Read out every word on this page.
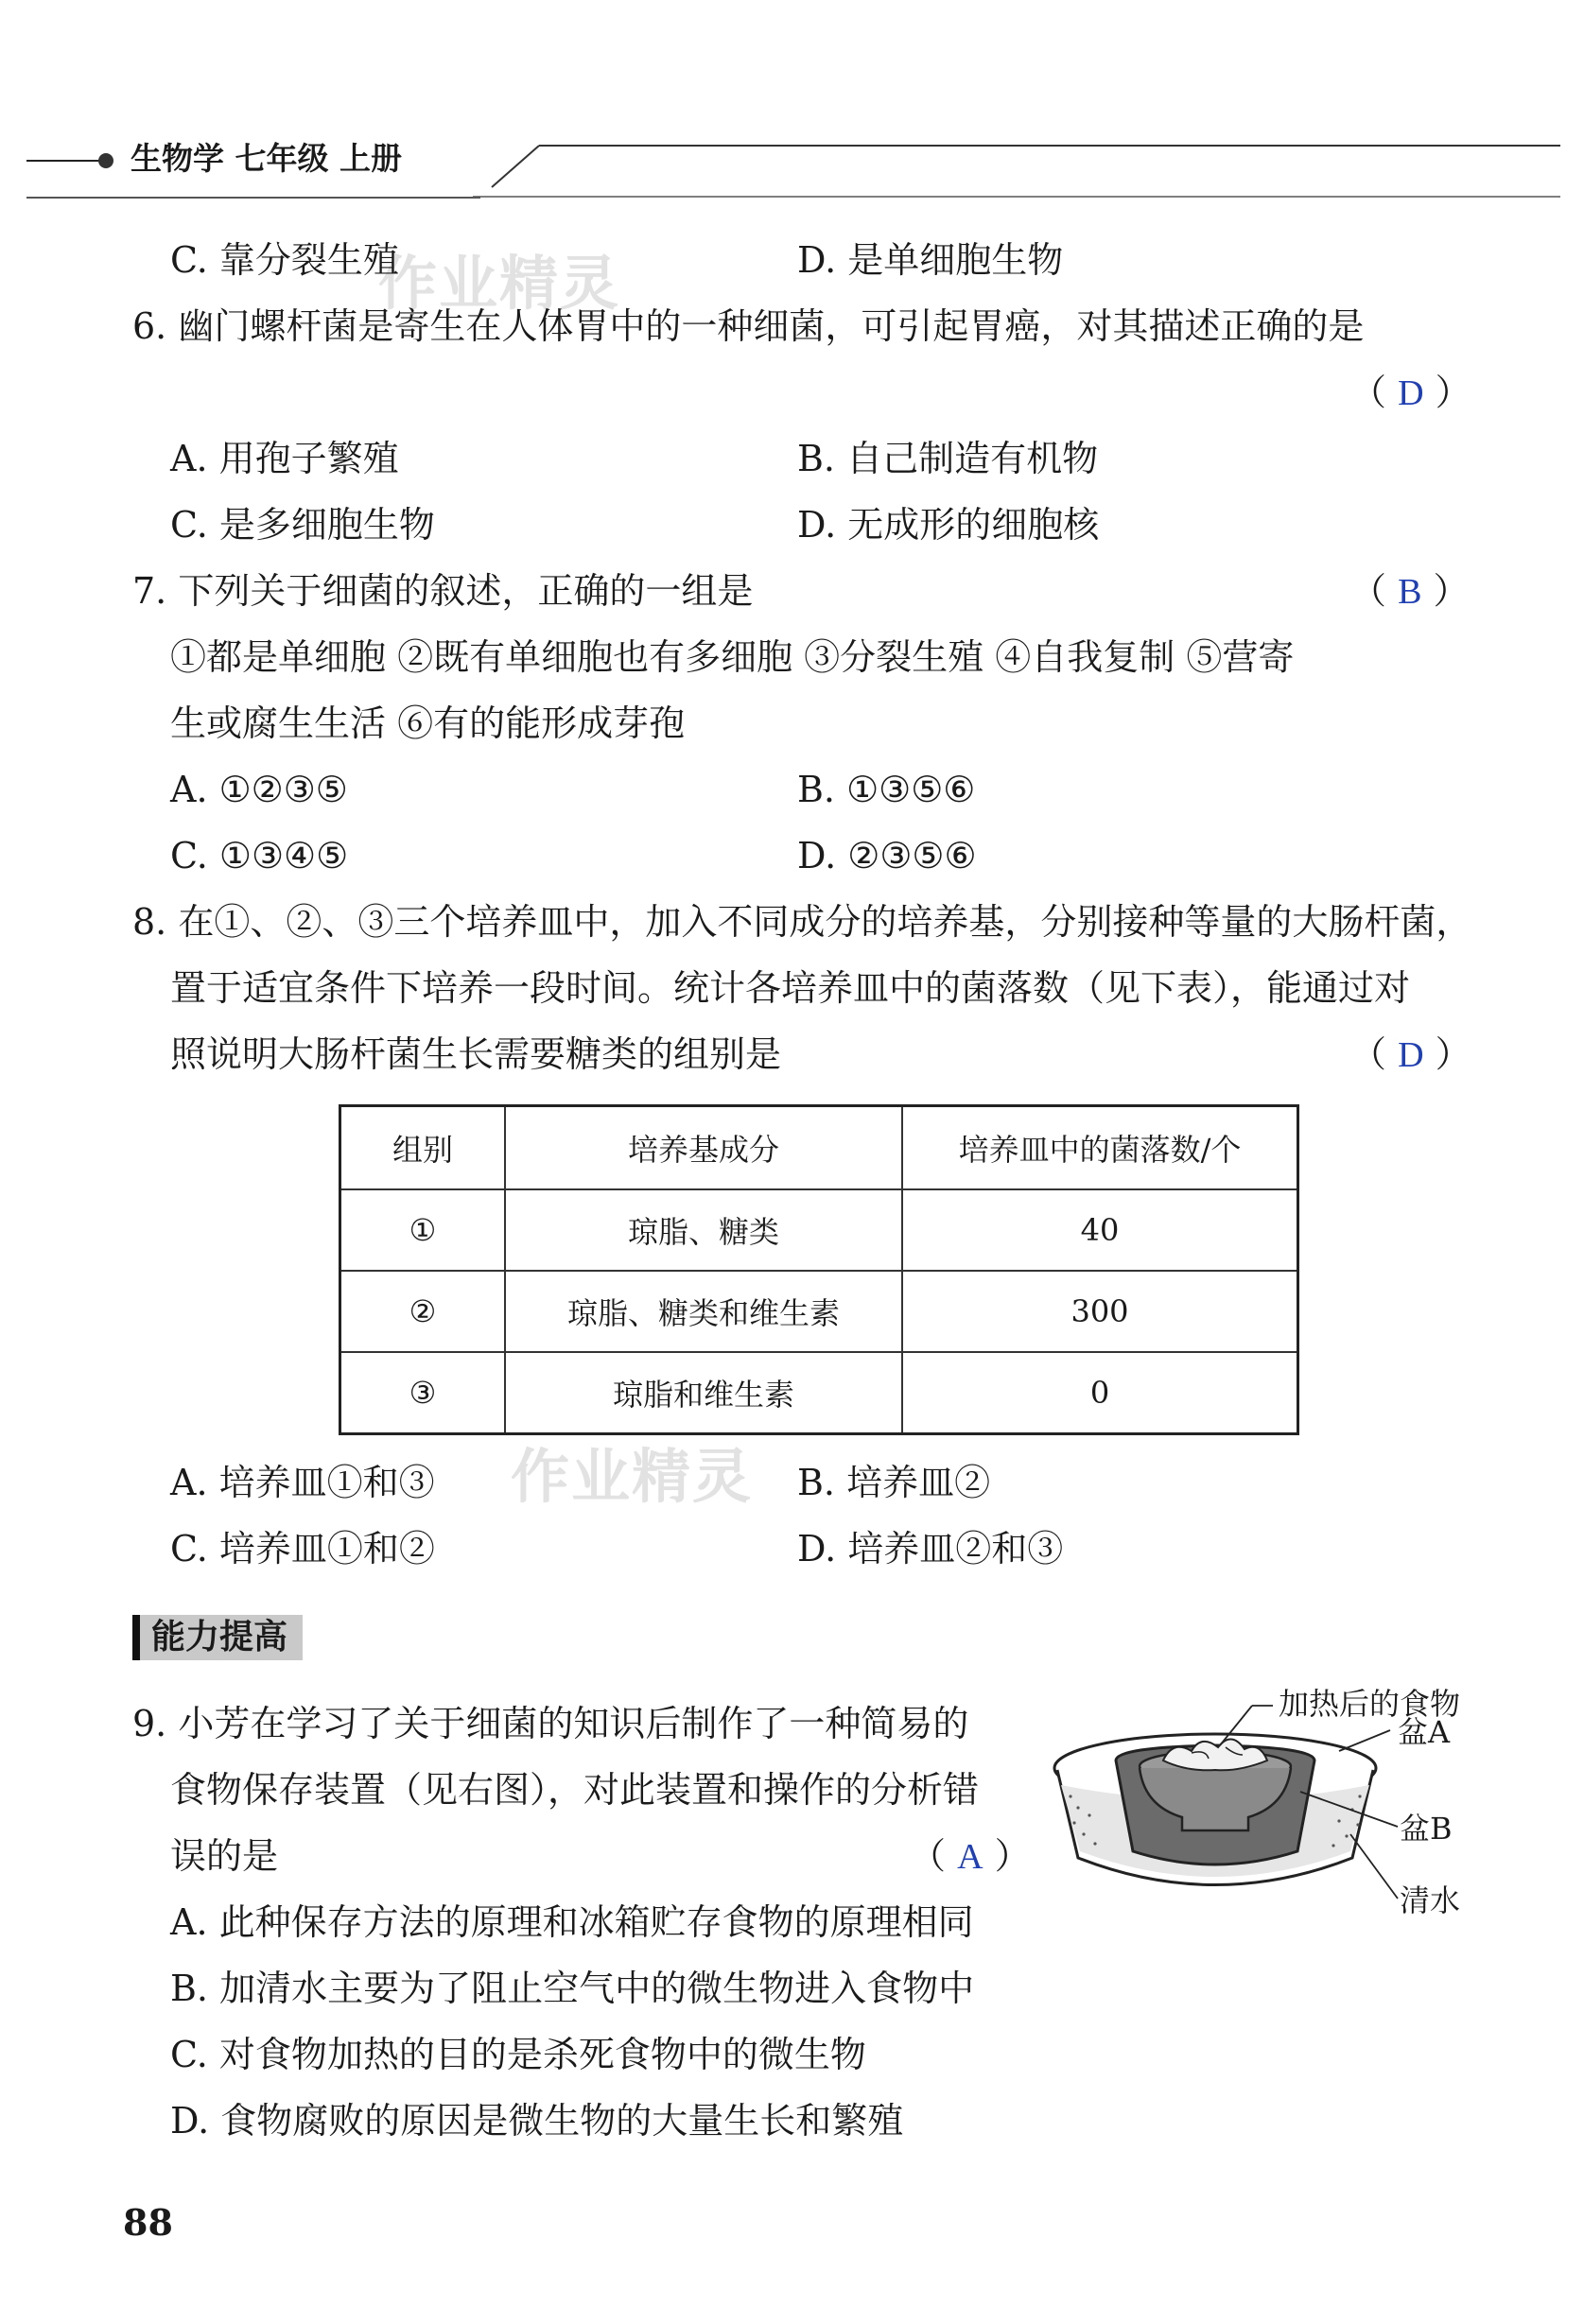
生物学 七年级 上册
作业精灵
作业精灵
C. 靠分裂生殖	D. 是单细胞生物
6. 幽门螺杆菌是寄生在人体胃中的一种细菌，可引起胃癌，对其描述正确的是
（ D ）
A. 用孢子繁殖	B. 自己制造有机物
C. 是多细胞生物	D. 无成形的细胞核
7. 下列关于细菌的叙述，正确的一组是	（ B ）
①都是单细胞 ②既有单细胞也有多细胞 ③分裂生殖 ④自我复制 ⑤营寄
生或腐生生活 ⑥有的能形成芽孢
A. ①②③⑤	B. ①③⑤⑥
C. ①③④⑤	D. ②③⑤⑥
8. 在①、②、③三个培养皿中，加入不同成分的培养基，分别接种等量的大肠杆菌，
置于适宜条件下培养一段时间。统计各培养皿中的菌落数（见下表），能通过对
照说明大肠杆菌生长需要糖类的组别是	（ D ）
组别	培养基成分	培养皿中的菌落数/个
①	琼脂、糖类	40
②	琼脂、糖类和维生素	300
③	琼脂和维生素	0
A. 培养皿①和③	B. 培养皿②
C. 培养皿①和②	D. 培养皿②和③
能力提高
9. 小芳在学习了关于细菌的知识后制作了一种简易的
食物保存装置（见右图），对此装置和操作的分析错
误的是	（ A ）
A. 此种保存方法的原理和冰箱贮存食物的原理相同
B. 加清水主要为了阻止空气中的微生物进入食物中
C. 对食物加热的目的是杀死食物中的微生物
D. 食物腐败的原因是微生物的大量生长和繁殖
加热后的食物
盆A
盆B
清水
88
